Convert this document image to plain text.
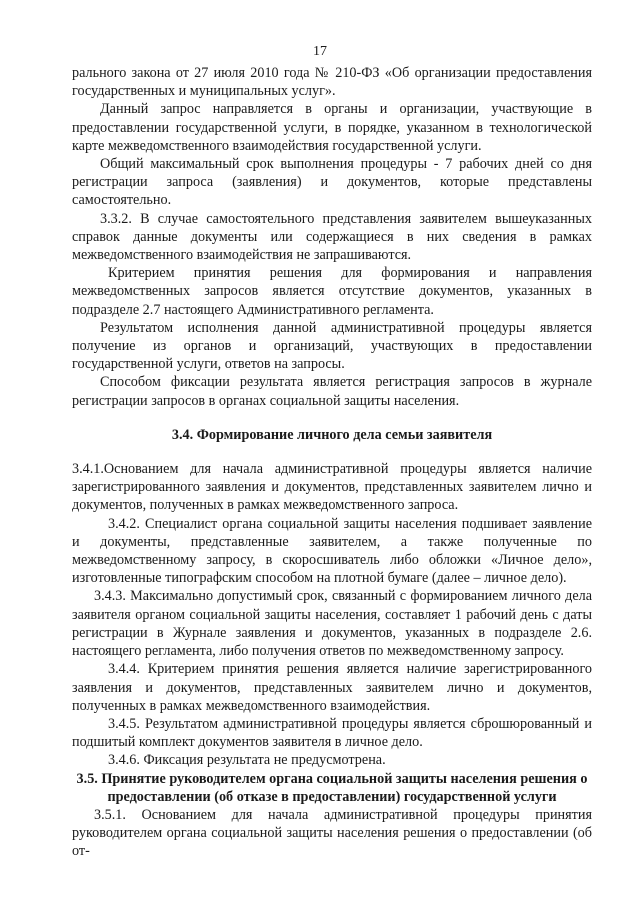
17

рального закона от 27 июля 2010 года № 210-ФЗ «Об организации предоставления государственных и муниципальных услуг».

Данный запрос направляется в органы и организации, участвующие в предоставлении государственной услуги, в порядке, указанном в технологической карте межведомственного взаимодействия государственной услуги.

Общий максимальный срок выполнения процедуры - 7 рабочих дней со дня регистрации запроса (заявления) и документов, которые представлены самостоятельно.

3.3.2. В случае самостоятельного представления заявителем вышеуказанных справок данные документы или содержащиеся в них сведения в рамках межведомственного взаимодействия не запрашиваются.

Критерием принятия решения для формирования и направления межведомственных запросов является отсутствие документов, указанных в подразделе 2.7 настоящего Административного регламента.

Результатом исполнения данной административной процедуры является получение из органов и организаций, участвующих в предоставлении государственной услуги, ответов на запросы.

Способом фиксации результата является регистрация запросов в журнале регистрации запросов в органах социальной защиты населения.

3.4. Формирование личного дела семьи заявителя

3.4.1.Основанием для начала административной процедуры является наличие зарегистрированного заявления и документов, представленных заявителем лично и документов, полученных в рамках межведомственного запроса.

3.4.2. Специалист органа социальной защиты населения подшивает заявление и документы, представленные заявителем, а также полученные по межведомственному запросу, в скоросшиватель либо обложки «Личное дело», изготовленные типографским способом на плотной бумаге (далее – личное дело).

3.4.3. Максимально допустимый срок, связанный с формированием личного дела заявителя органом социальной защиты населения, составляет 1 рабочий день с даты регистрации в Журнале заявления и документов, указанных в подразделе 2.6. настоящего регламента, либо получения ответов по межведомственному запросу.

3.4.4. Критерием принятия решения является наличие зарегистрированного заявления и документов, представленных заявителем лично и документов, полученных в рамках межведомственного взаимодействия.

3.4.5. Результатом административной процедуры является сброшюрованный и подшитый комплект документов заявителя в личное дело.

3.4.6. Фиксация результата не предусмотрена.

3.5. Принятие руководителем органа социальной защиты населения решения о предоставлении (об отказе в предоставлении) государственной услуги

3.5.1. Основанием для начала административной процедуры принятия руководителем органа социальной защиты населения решения о предоставлении (об от-
